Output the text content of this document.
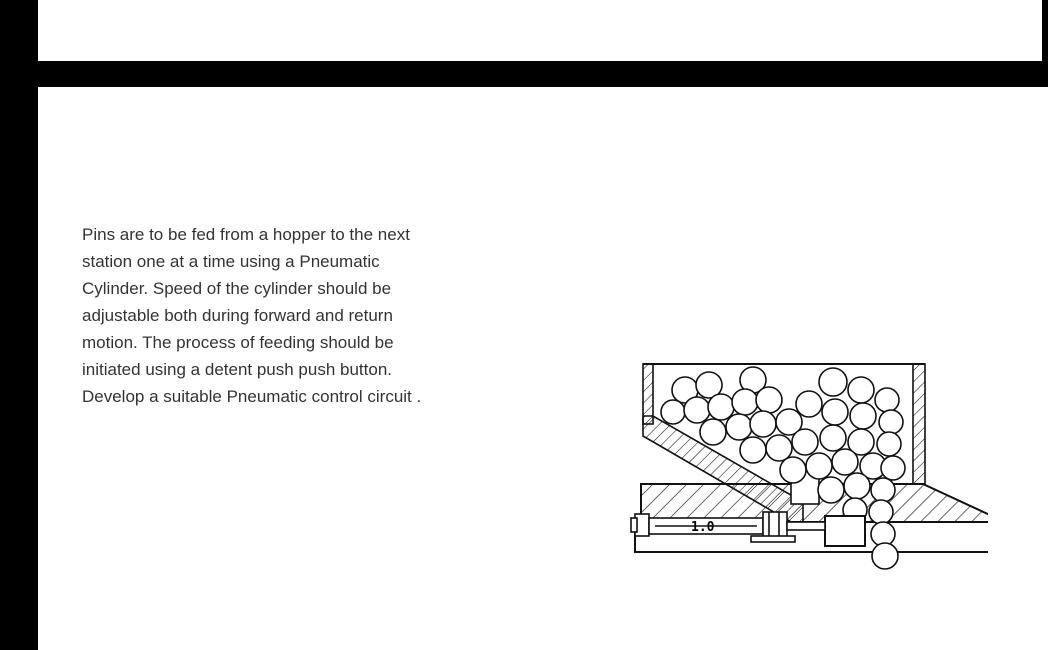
Pins are to be fed from a hopper to the next
station one at a time using a Pneumatic
Cylinder. Speed of the cylinder should be
adjustable both during forward and return
motion. The process of feeding should be
initiated using a detent push push button.
Develop a suitable Pneumatic control circuit .

1.0
